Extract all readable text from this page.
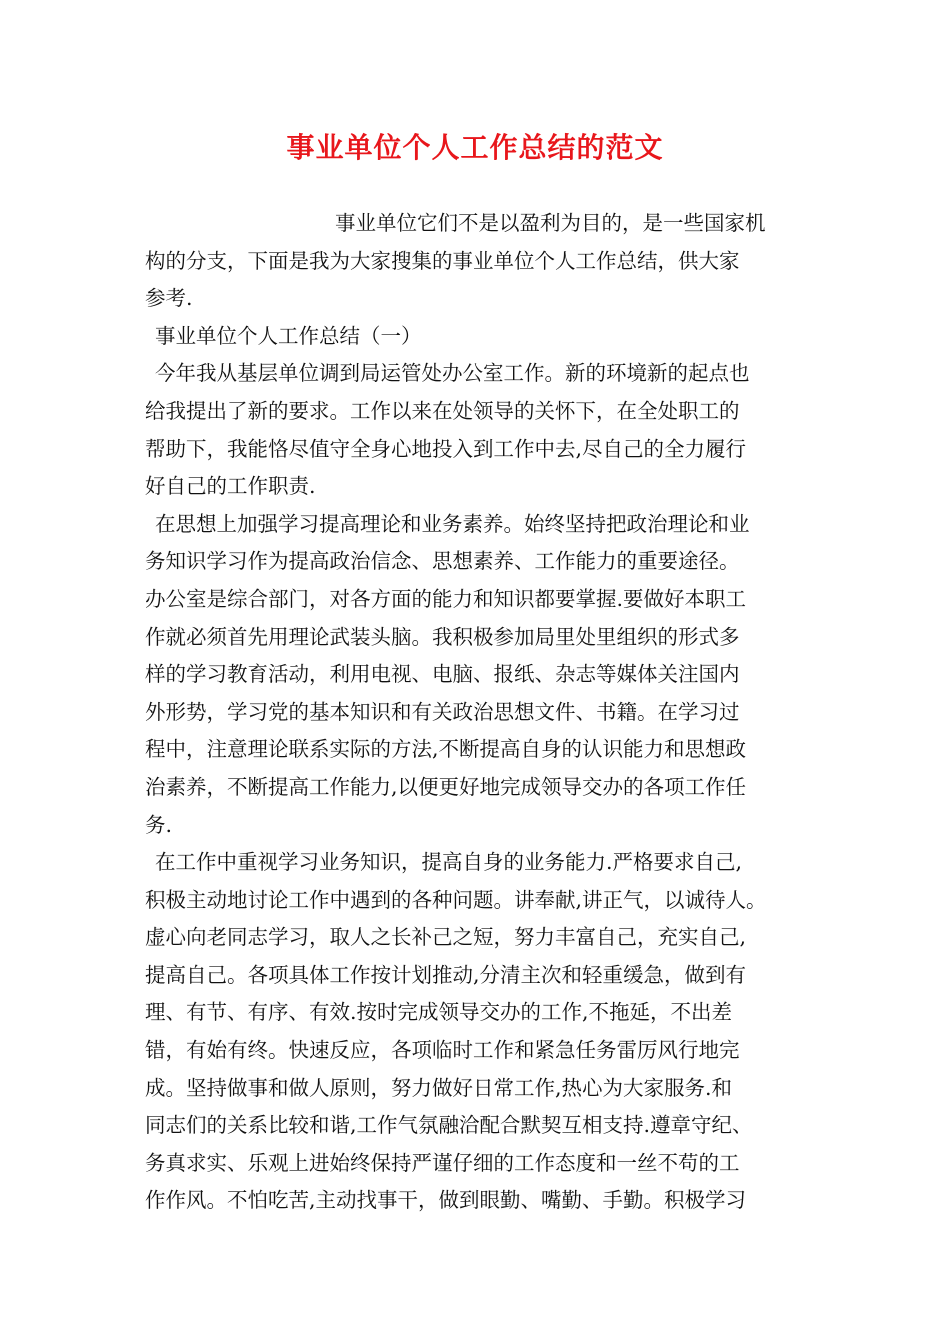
事业单位个人工作总结的范文
事业单位它们不是以盈利为目的，是一些国家机
构的分支，下面是我为大家搜集的事业单位个人工作总结，供大家
参考.
事业单位个人工作总结（一）
今年我从基层单位调到局运管处办公室工作。新的环境新的起点也
给我提出了新的要求。工作以来在处领导的关怀下，在全处职工的
帮助下，我能恪尽值守全身心地投入到工作中去,尽自己的全力履行
好自己的工作职责.
在思想上加强学习提高理论和业务素养。始终坚持把政治理论和业
务知识学习作为提高政治信念、思想素养、工作能力的重要途径。
办公室是综合部门，对各方面的能力和知识都要掌握.要做好本职工
作就必须首先用理论武装头脑。我积极参加局里处里组织的形式多
样的学习教育活动，利用电视、电脑、报纸、杂志等媒体关注国内
外形势，学习党的基本知识和有关政治思想文件、书籍。在学习过
程中，注意理论联系实际的方法,不断提高自身的认识能力和思想政
治素养，不断提高工作能力,以便更好地完成领导交办的各项工作任
务.
在工作中重视学习业务知识，提高自身的业务能力.严格要求自己,
积极主动地讨论工作中遇到的各种问题。讲奉献,讲正气，以诚待人。
虚心向老同志学习，取人之长补己之短，努力丰富自己，充实自己,
提高自己。各项具体工作按计划推动,分清主次和轻重缓急，做到有
理、有节、有序、有效.按时完成领导交办的工作,不拖延，不出差
错，有始有终。快速反应，各项临时工作和紧急任务雷厉风行地完
成。坚持做事和做人原则，努力做好日常工作,热心为大家服务.和
同志们的关系比较和谐,工作气氛融洽配合默契互相支持.遵章守纪、
务真求实、乐观上进始终保持严谨仔细的工作态度和一丝不苟的工
作作风。不怕吃苦,主动找事干，做到眼勤、嘴勤、手勤。积极学习
